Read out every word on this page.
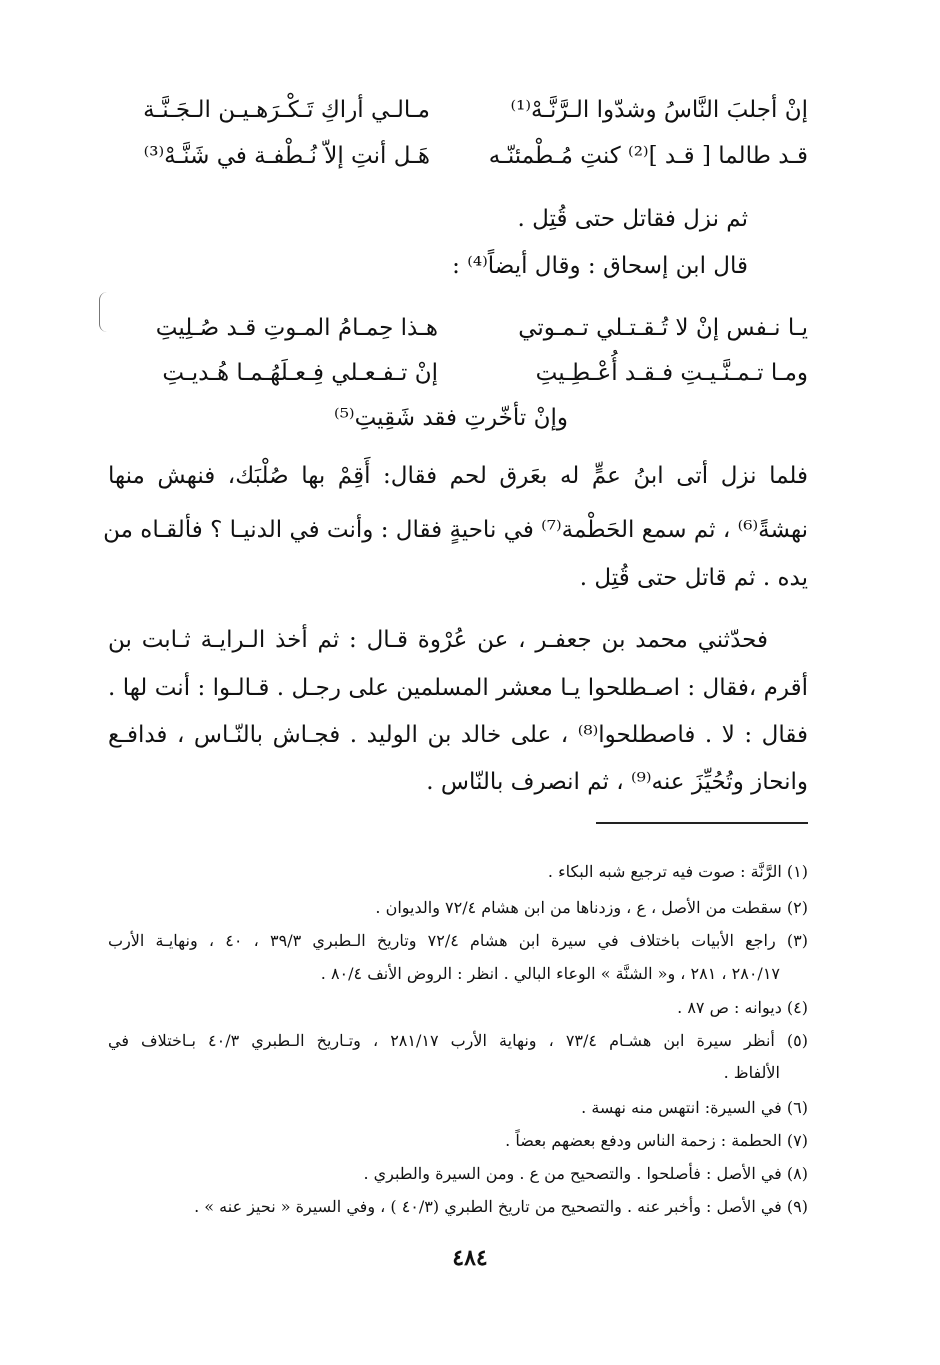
إنْ أجلبَ النَّاسُ وشدّوا الـرَّنَّـهْ⁽¹⁾
مـالـي أراكِ تَـكْـرَهـيـن الـجَـنَّـة
قـد طالما [ قـد ]⁽²⁾ كنتِ مُـطْمئنّـه
هَـل أنتِ إلاّ نُـطْفـة في شَنَّـهْ⁽³⁾
ثم نزل فقاتل حتى قُتِل .
قال ابن إسحاق : وقال أيضاً⁽⁴⁾ :
يـا نـفس إنْ لا تُـقـتـلي تـمـوتي
هـذا حِمـامُ المـوتِ قـد صُـلِيتِ
ومـا تـمـنَّـيـتِ فـقـد أُعْـطِـيتِ
إنْ تـفـعـلي فِـعـلَهُـمـا هُـديـتِ
وإنْ تأخّرتِ فقد شَقِيتِ⁽⁵⁾
فلما نزل أتى ابنُ عمٍّ له بعَرق لحم فقال: أَقِمْ بها صُلْبَك، فنهش منها
نهشةً⁽⁶⁾ ، ثم سمع الحَطْمة⁽⁷⁾ في ناحيةٍ فقال : وأنت في الدنيـا ؟ فألقـاه من
يده . ثم قاتل حتى قُتِل .
فحدّثني محمد بن جعفـر ، عن عُرْوة قـال : ثم أخذ الـرايـة ثـابت بن
أقرم ،فقال : اصـطلحوا يـا معشر المسلمين على رجـل . قـالـوا : أنت لها .
فقال : لا . فاصطلحوا⁽⁸⁾ ، على خالد بن الوليد . فجـاش بالنّـاس ، فدافـع
وانحاز وتُحُيِّزَ عنه⁽⁹⁾ ، ثم انصرف بالنّاس .
(١) الرَّنَّة : صوت فيه ترجيع شبه البكاء .
(٢) سقطت من الأصل ، ع ، وزدناها من ابن هشام ٧٢/٤ والديوان .
(٣) راجع الأبيات باختلاف في سيرة ابن هشام ٧٢/٤ وتاريخ الـطبري ٣٩/٣ ، ٤٠ ، ونهايـة الأرب
٢٨٠/١٧ ، ٢٨١ ، و« الشنَّة » الوعاء البالي . انظر : الروض الأنف ٨٠/٤ .
(٤) ديوانه : ص ٨٧ .
(٥) أنظر سيرة ابن هشـام ٧٣/٤ ، ونهاية الأرب ٢٨١/١٧ ، وتـاريخ الـطبري ٤٠/٣ بـاختلاف في
الألفاظ .
(٦) في السيرة: انتهس منه نهسة .
(٧) الحطمة : زحمة الناس ودفع بعضهم بعضاً .
(٨) في الأصل : فأصلحوا . والتصحيح من ع . ومن السيرة والطبري .
(٩) في الأصل : وأخبر عنه . والتصحيح من تاريخ الطبري (٤٠/٣ ) ، وفي السيرة « نحيز عنه » .
٤٨٤
